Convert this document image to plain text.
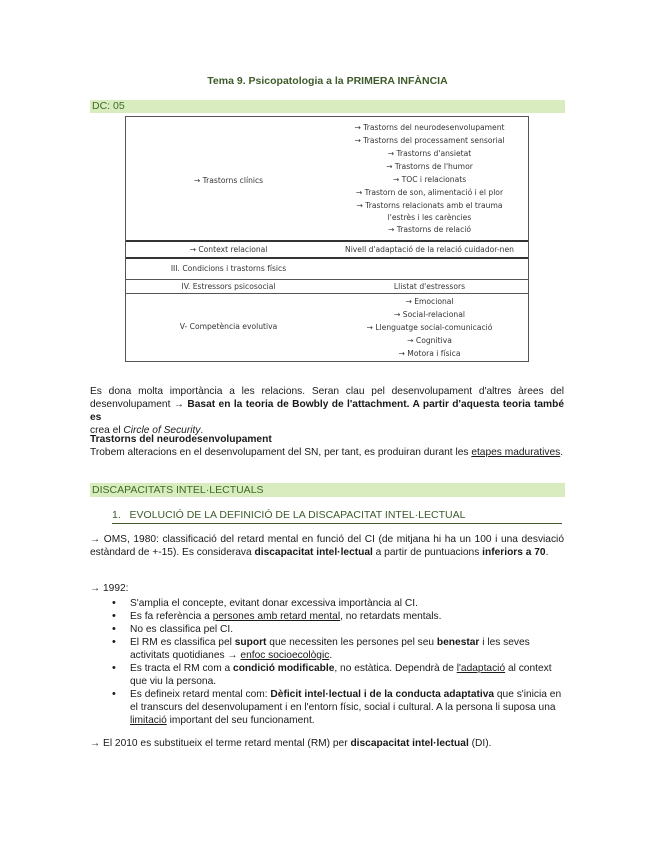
Tema 9. Psicopatologia a la PRIMERA INFÀNCIA
DC: 05
→ Trastorns clínics
→ Trastorns del neurodesenvolupament
→ Trastorns del processament sensorial
→ Trastorns d'ansietat
→ Trastorns de l'humor
→ TOC i relacionats
→ Trastorn de son, alimentació i el plor
→ Trastorns relacionats amb el trauma
l'estrès i les carències
→ Trastorns de relació
→ Context relacional	Nivell d'adaptació de la relació cuidador-nen
III. Condicions i trastorns físics
IV. Estressors psicosocial	Llistat d'estressors
V- Competència evolutiva
→ Emocional
→ Social-relacional
→ Llenguatge social-comunicació
→ Cognitiva
→ Motora i física
Es dona molta importància a les relacions. Seran clau pel desenvolupament d'altres àrees del desenvolupament → Basat en la teoria de Bowbly de l'attachment. A partir d'aquesta teoria també es
crea el Circle of Security.
Trastorns del neurodesenvolupament
Trobem alteracions en el desenvolupament del SN, per tant, es produiran durant les etapes maduratives.
DISCAPACITATS INTEL·LECTUALS
1. EVOLUCIÓ DE LA DEFINICIÓ DE LA DISCAPACITAT INTEL·LECTUAL
→ OMS, 1980: classificació del retard mental en funció del CI (de mitjana hi ha un 100 i una desviació estàndard de +-15). Es considerava discapacitat intel·lectual a partir de puntuacions inferiors a 70.
→ 1992:
• S'amplia el concepte, evitant donar excessiva importància al CI.
• Es fa referència a persones amb retard mental, no retardats mentals.
• No es classifica pel CI.
• El RM es classifica pel suport que necessiten les persones pel seu benestar i les seves activitats quotidianes → enfoc socioecològic.
• Es tracta el RM com a condició modificable, no estàtica. Dependrà de l'adaptació al context que viu la persona.
• Es defineix retard mental com: Dèficit intel·lectual i de la conducta adaptativa que s'inicia en el transcurs del desenvolupament i en l'entorn físic, social i cultural. A la persona li suposa una limitació important del seu funcionament.
→ El 2010 es substitueix el terme retard mental (RM) per discapacitat intel·lectual (DI).
